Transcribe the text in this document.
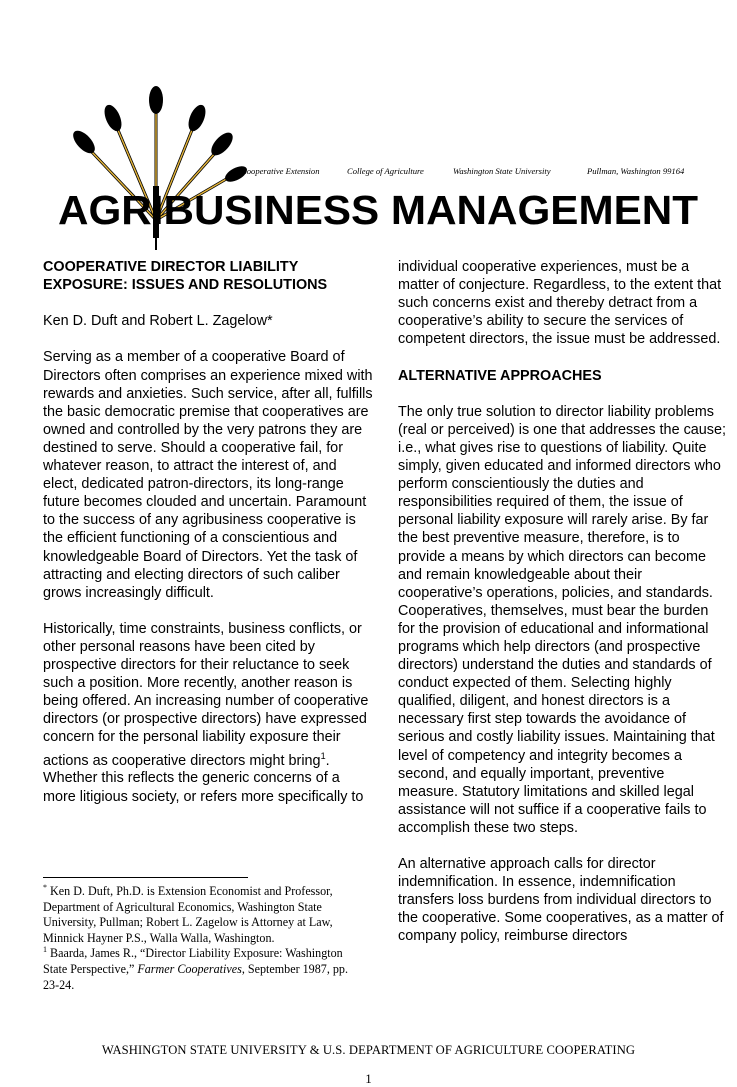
AGRIBUSINESS MANAGEMENT
Cooperative Extension	College of Agriculture	Washington State University	Pullman, Washington 99164
COOPERATIVE DIRECTOR LIABILITY
EXPOSURE: ISSUES AND RESOLUTIONS

Ken D. Duft and Robert L. Zagelow*

Serving as a member of a cooperative Board of Directors often comprises an experience mixed with rewards and anxieties. Such service, after all, fulfills the basic democratic premise that cooperatives are owned and controlled by the very patrons they are destined to serve. Should a cooperative fail, for whatever reason, to attract the interest of, and elect, dedicated patron-directors, its long-range future becomes clouded and uncertain. Paramount to the success of any agribusiness cooperative is the efficient functioning of a conscientious and knowledgeable Board of Directors. Yet the task of attracting and electing directors of such caliber grows increasingly difficult.

Historically, time constraints, business conflicts, or other personal reasons have been cited by prospective directors for their reluctance to seek such a position. More recently, another reason is being offered. An increasing number of cooperative directors (or prospective directors) have expressed concern for the personal liability exposure their actions as cooperative directors might bring$^1$. Whether this reflects the generic concerns of a more litigious society, or refers more specifically to

individual cooperative experiences, must be a matter of conjecture. Regardless, to the extent that such concerns exist and thereby detract from a cooperative’s ability to secure the services of competent directors, the issue must be addressed.

ALTERNATIVE APPROACHES

The only true solution to director liability problems (real or perceived) is one that addresses the cause; i.e., what gives rise to questions of liability. Quite simply, given educated and informed directors who perform conscientiously the duties and responsibilities required of them, the issue of personal liability exposure will rarely arise. By far the best preventive measure, therefore, is to provide a means by which directors can become and remain knowledgeable about their cooperative’s operations, policies, and standards. Cooperatives, themselves, must bear the burden for the provision of educational and informational programs which help directors (and prospective directors) understand the duties and standards of conduct expected of them. Selecting highly qualified, diligent, and honest directors is a necessary first step towards the avoidance of serious and costly liability issues. Maintaining that level of competency and integrity becomes a second, and equally important, preventive measure. Statutory limitations and skilled legal assistance will not suffice if a cooperative fails to accomplish these two steps.

An alternative approach calls for director indemnification. In essence, indemnification transfers loss burdens from individual directors to the cooperative. Some cooperatives, as a matter of company policy, reimburse directors

* Ken D. Duft, Ph.D. is Extension Economist and Professor, Department of Agricultural Economics, Washington State University, Pullman; Robert L. Zagelow is Attorney at Law, Minnick Hayner P.S., Walla Walla, Washington.

$^1$ Baarda, James R., “Director Liability Exposure: Washington State Perspective,” Farmer Cooperatives, September 1987, pp. 23-24.

WASHINGTON STATE UNIVERSITY & U.S. DEPARTMENT OF AGRICULTURE COOPERATING
1
